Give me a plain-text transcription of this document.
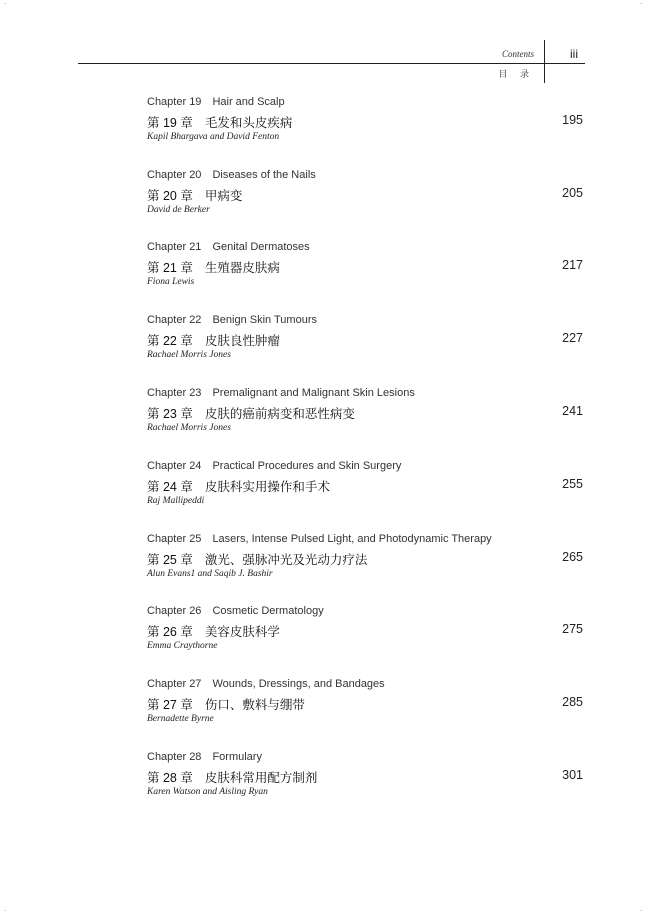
·	·
·	·
Contents	iii
目 录
Chapter 19 Hair and Scalp
第 19 章 毛发和头皮疾病
Kapil Bhargava and David Fenton
195
Chapter 20 Diseases of the Nails
第 20 章 甲病变
David de Berker
205
Chapter 21 Genital Dermatoses
第 21 章 生殖器皮肤病
Fiona Lewis
217
Chapter 22 Benign Skin Tumours
第 22 章 皮肤良性肿瘤
Rachael Morris Jones
227
Chapter 23 Premalignant and Malignant Skin Lesions
第 23 章 皮肤的癌前病变和恶性病变
Rachael Morris Jones
241
Chapter 24 Practical Procedures and Skin Surgery
第 24 章 皮肤科实用操作和手术
Raj Mallipeddi
255
Chapter 25 Lasers, Intense Pulsed Light, and Photodynamic Therapy
第 25 章 激光、强脉冲光及光动力疗法
Alun Evans1 and Saqib J. Bashir
265
Chapter 26 Cosmetic Dermatology
第 26 章 美容皮肤科学
Emma Craythorne
275
Chapter 27 Wounds, Dressings, and Bandages
第 27 章 伤口、敷料与绷带
Bernadette Byrne
285
Chapter 28 Formulary
第 28 章 皮肤科常用配方制剂
Karen Watson and Aisling Ryan
301
